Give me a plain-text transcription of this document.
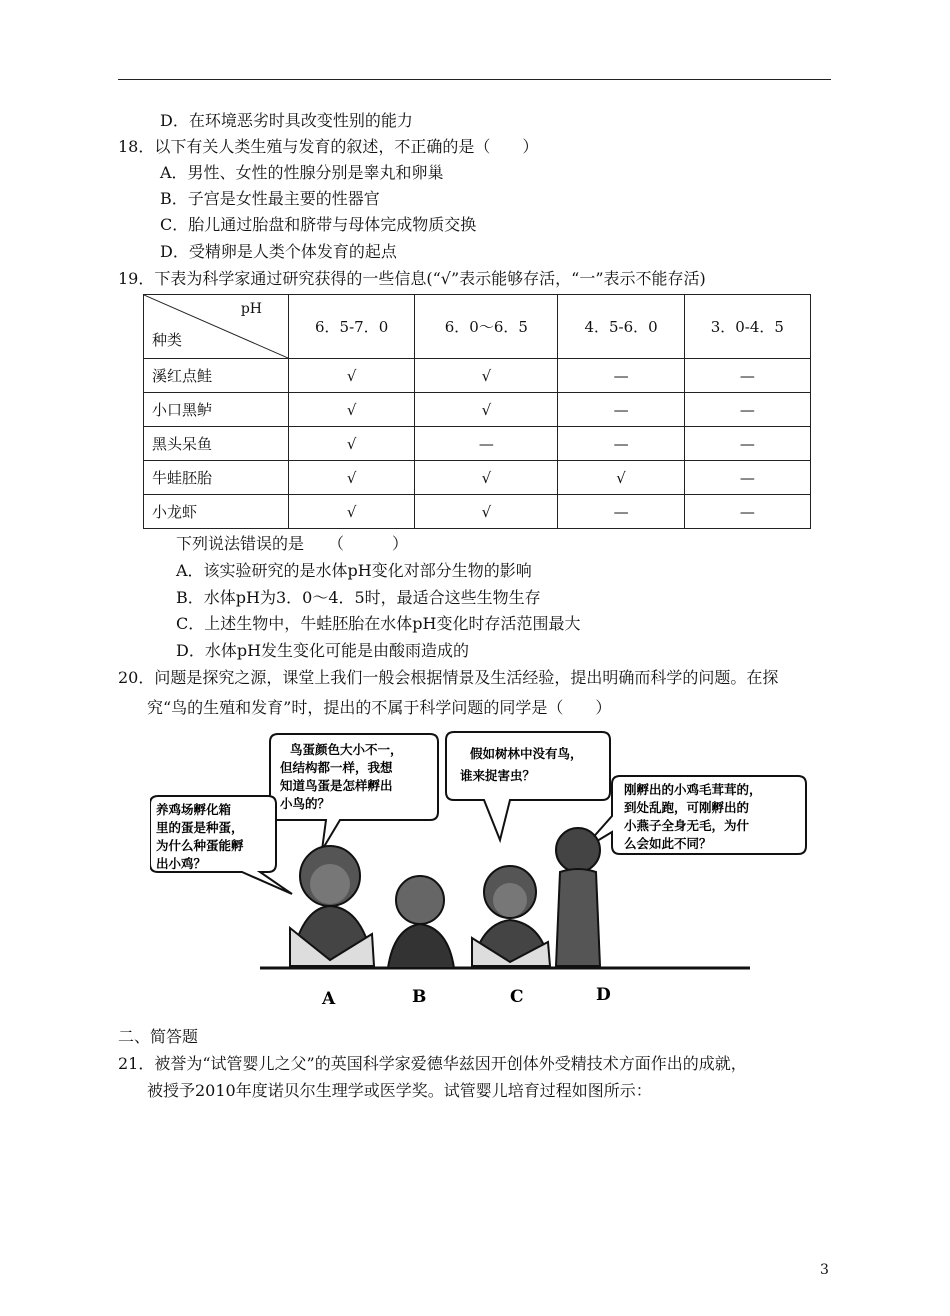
D．在环境恶劣时具改变性别的能力
18．以下有关人类生殖与发育的叙述，不正确的是（　　）
A．男性、女性的性腺分别是睾丸和卵巢
B．子宫是女性最主要的性器官
C．胎儿通过胎盘和脐带与母体完成物质交换
D．受精卵是人类个体发育的起点
19．下表为科学家通过研究获得的一些信息(“√”表示能够存活，“一”表示不能存活)
pH
种类	6．5-7．0	6．0～6．5	4．5-6．0	3．0-4．5
溪红点鲑	√	√	—	—
小口黑鲈	√	√	—	—
黑头呆鱼	√	—	—	—
牛蛙胚胎	√	√	√	—
小龙虾	√	√	—	—
下列说法错误的是　　（　　　）
A．该实验研究的是水体pH变化对部分生物的影响
B．水体pH为3．0～4．5时，最适合这些生物生存
C．上述生物中，牛蛙胚胎在水体pH变化时存活范围最大
D．水体pH发生变化可能是由酸雨造成的
20．问题是探究之源，课堂上我们一般会根据情景及生活经验，提出明确而科学的问题。在探
究“鸟的生殖和发育”时，提出的不属于科学问题的同学是（　　）
鸟蛋颜色大小不一，
但结构都一样，我想
知道鸟蛋是怎样孵出
小鸟的？
假如树林中没有鸟，
谁来捉害虫？
养鸡场孵化箱
里的蛋是种蛋，
为什么种蛋能孵
出小鸡？
刚孵出的小鸡毛茸茸的，
到处乱跑，可刚孵出的
小燕子全身无毛，为什
么会如此不同？
A	B	C	D
二、简答题
21．被誉为“试管婴儿之父”的英国科学家爱德华兹因开创体外受精技术方面作出的成就，
被授予2010年度诺贝尔生理学或医学奖。试管婴儿培育过程如图所示：
3
